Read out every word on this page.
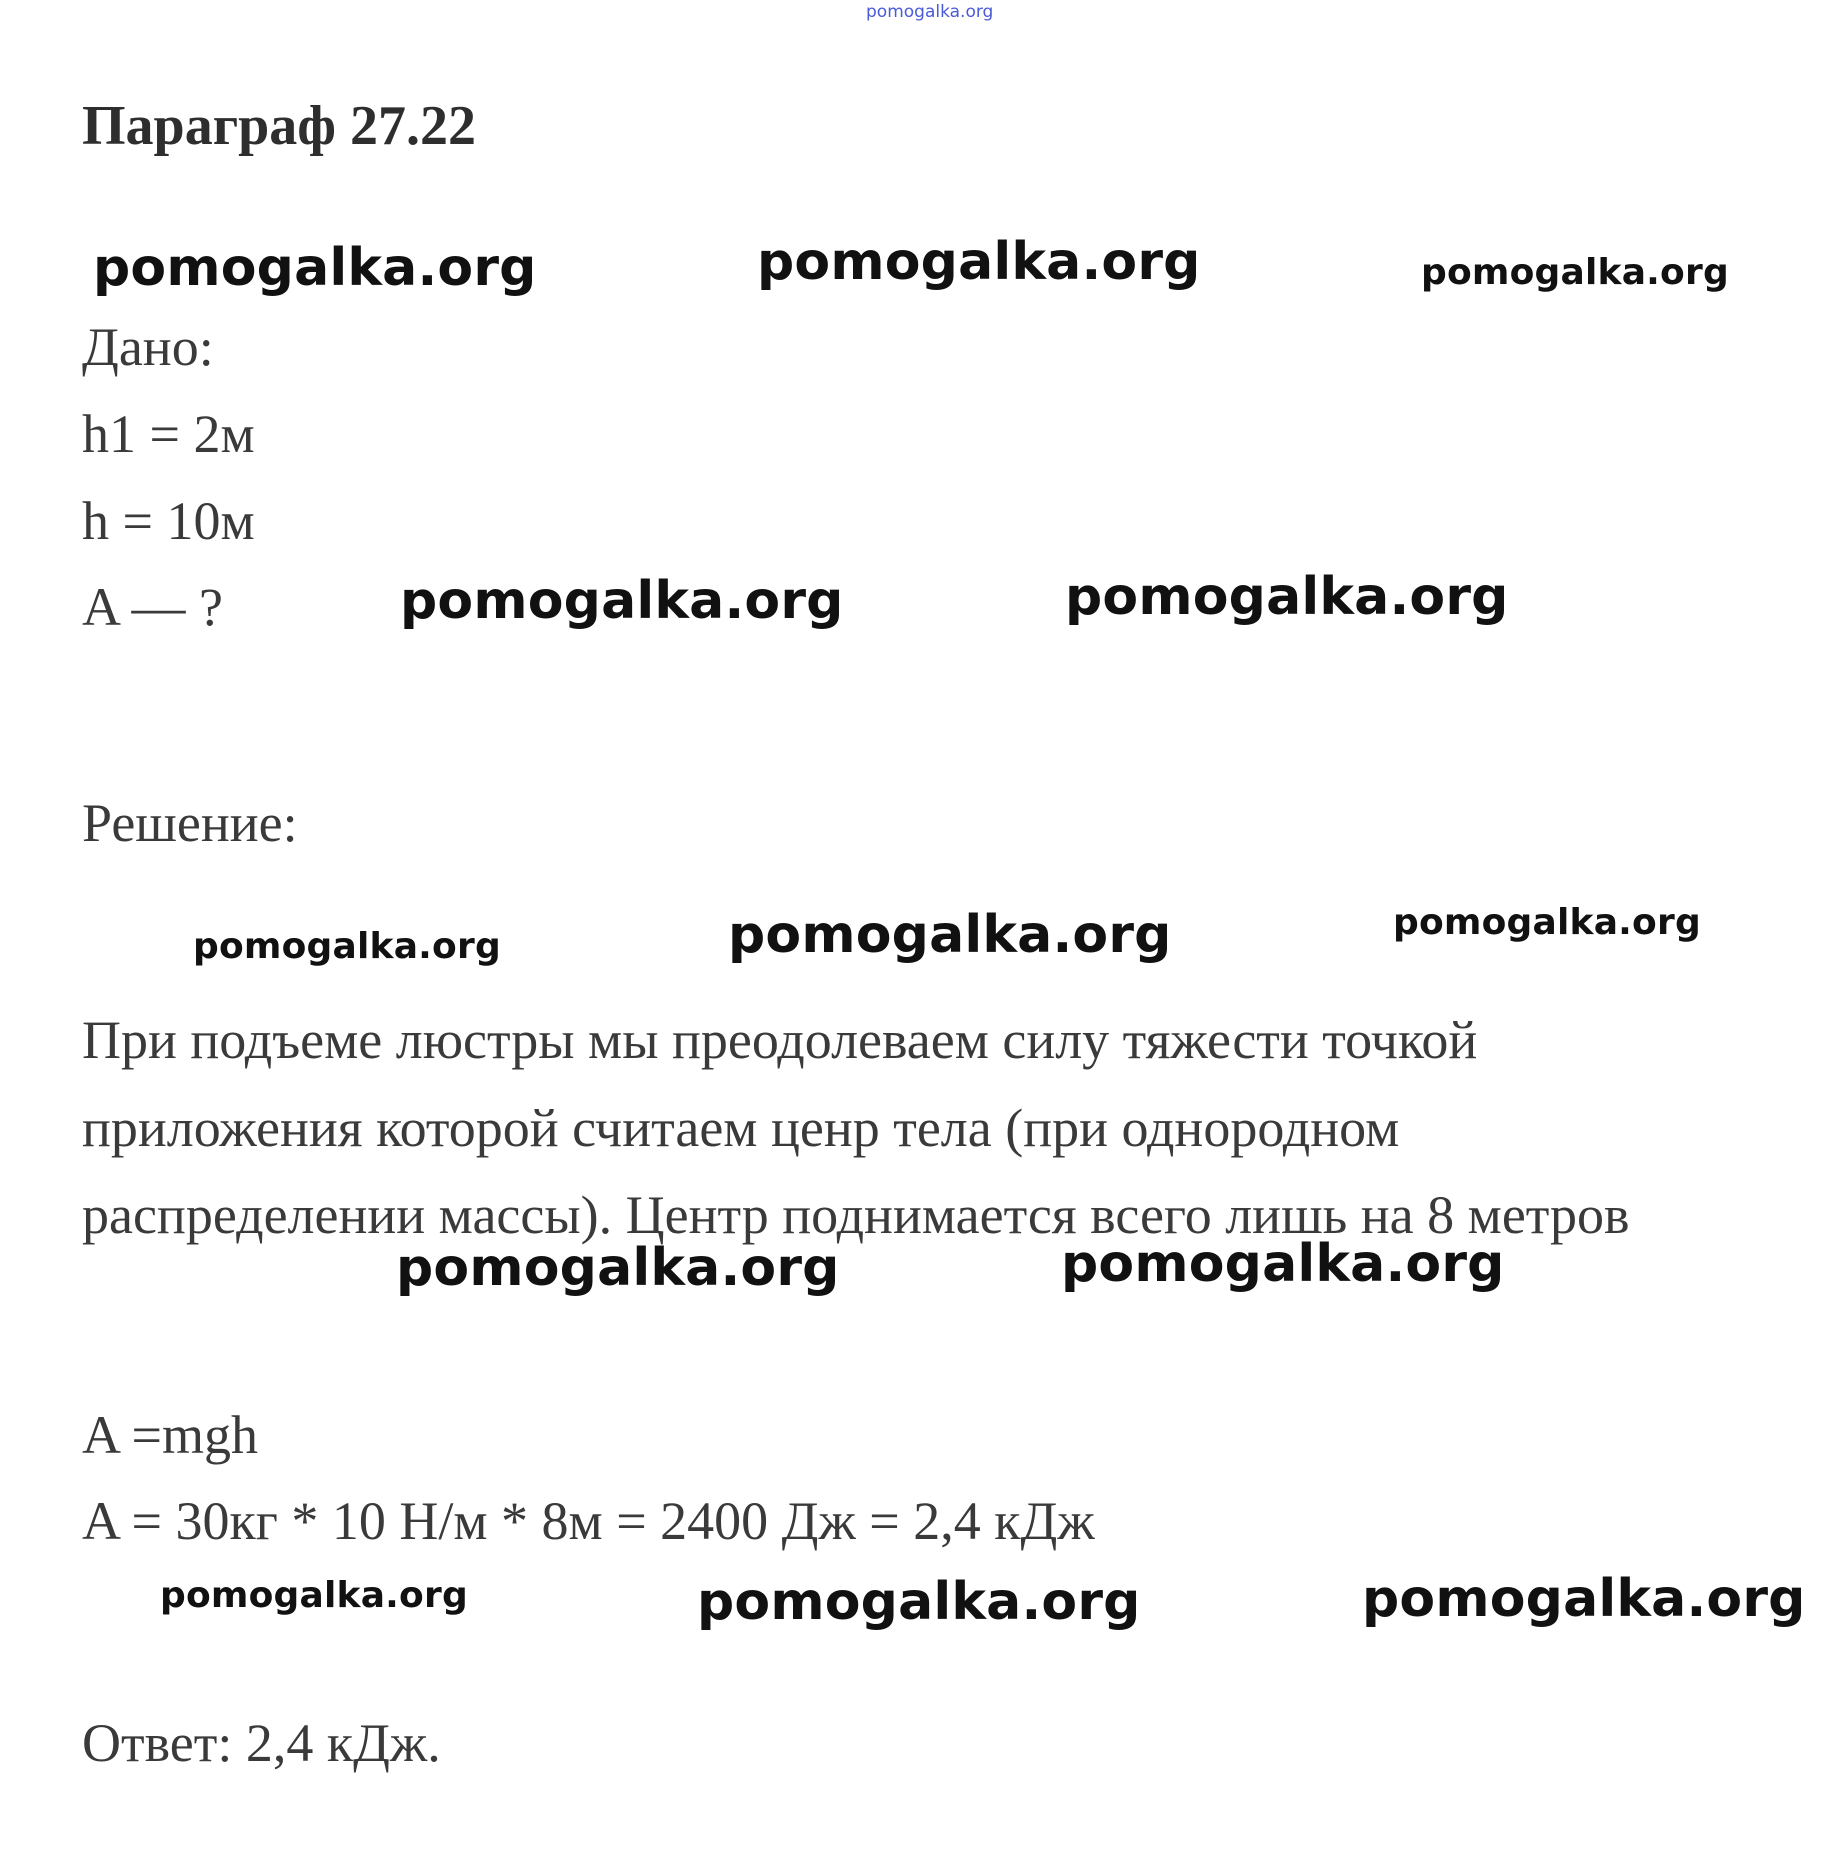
pomogalka.org
Параграф 27.22
pomogalka.org	pomogalka.org	pomogalka.org
Дано:
h1 = 2м
h = 10м
A — ?	pomogalka.org	pomogalka.org
Решение:
pomogalka.org	pomogalka.org	pomogalka.org
При подъеме люстры мы преодолеваем силу тяжести точкой
приложения которой считаем ценр тела (при однородном
распределении массы). Центр поднимается всего лишь на 8 метров
pomogalka.org	pomogalka.org
A =mgh
A = 30кг * 10 Н/м * 8м = 2400 Дж = 2,4 кДж
pomogalka.org	pomogalka.org	pomogalka.org
Ответ: 2,4 кДж.
